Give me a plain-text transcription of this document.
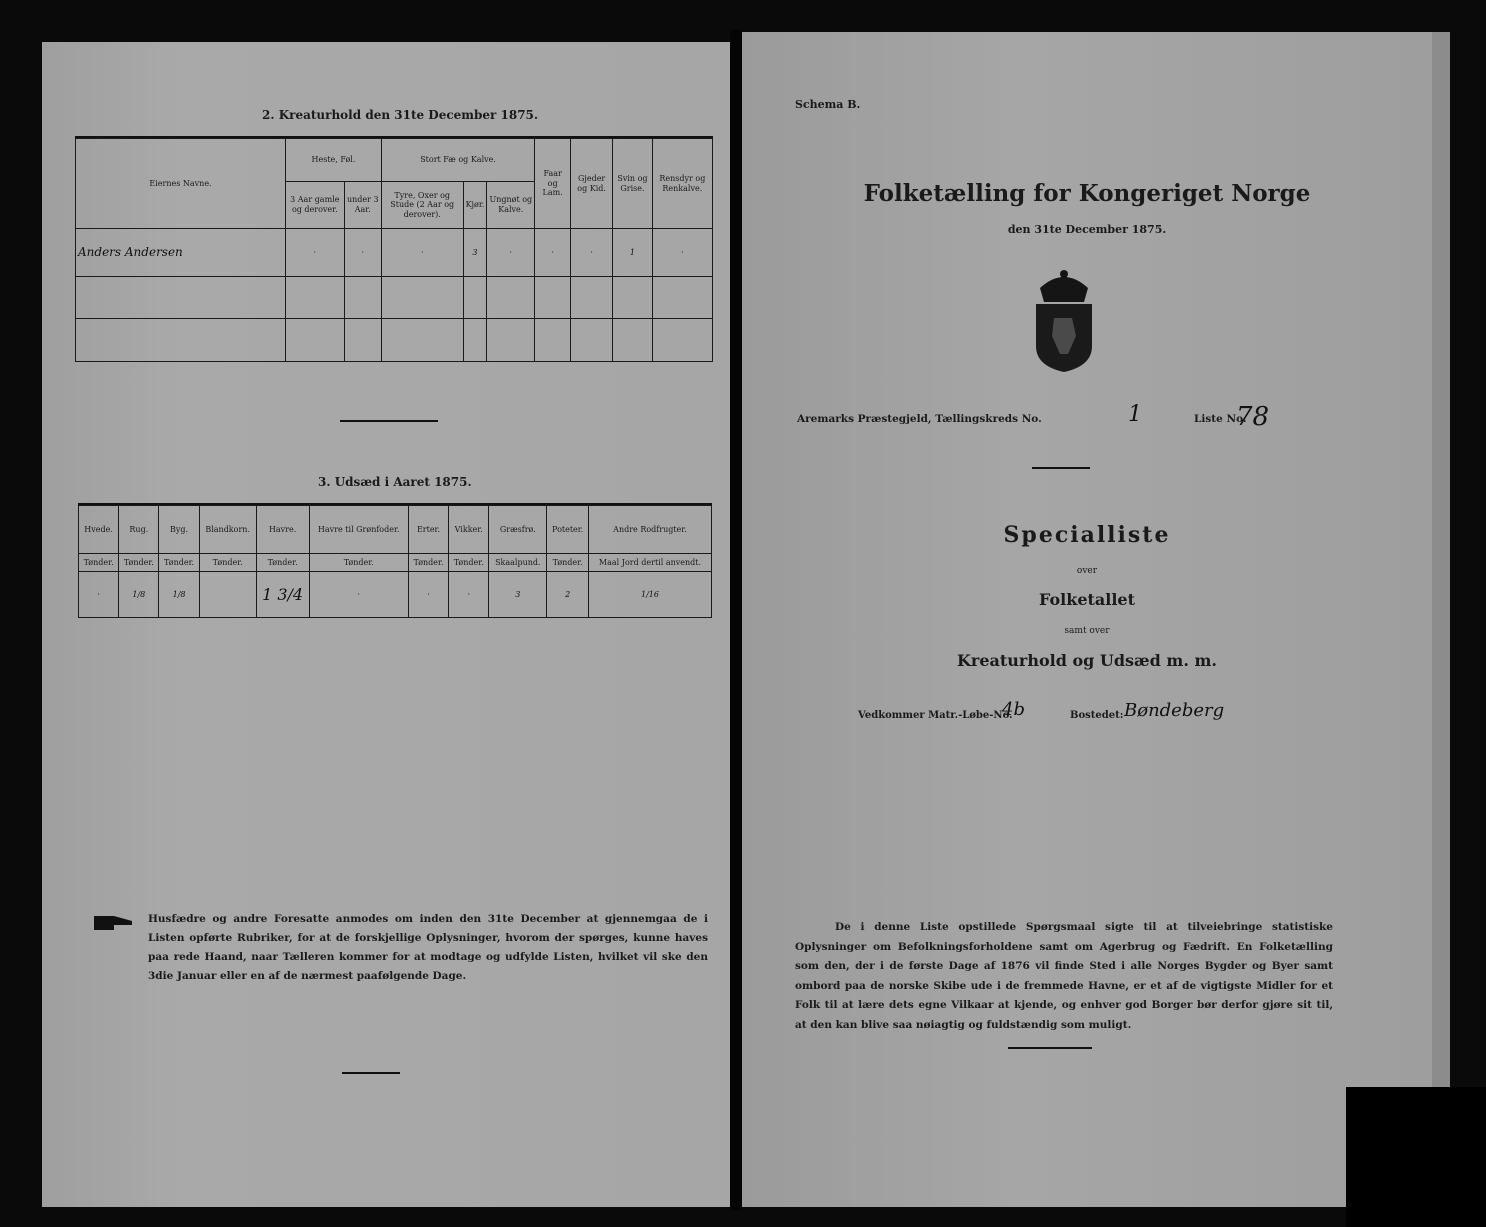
2. Kreaturhold den 31te December 1875.
Eiernes Navne.	Heste, Føl.		Stort Fæ og Kalve.			Faar og Lam.	Gjeder og Kid.	Svin og Grise.	Rensdyr og Renkalve.
	3 Aar gamle og derover.	under 3 Aar.	Tyre, Oxer og Stude (2 Aar og derover).	Kjør.	Ungnøt og Kalve.				
Anders Andersen	·	·	·	3	·	·	·	1	·

3. Udsæd i Aaret 1875.
Hvede.	Rug.	Byg.	Blandkorn.	Havre.	Havre til Grønfoder.	Erter.	Vikker.	Græsfrø.	Poteter.	Andre Rodfrugter.
Tønder.	Tønder.	Tønder.	Tønder.	Tønder.	Tønder.	Tønder.	Tønder.	Skaalpund.	Tønder.	Maal Jord dertil anvendt.
·	1/8	1/8		1 3/4	·	·	·	3	2	1/16
Husfædre og andre Foresatte anmodes om inden den 31te December at gjennemgaa de i Listen opførte Rubriker, for at de forskjellige Oplysninger, hvorom der spørges, kunne haves paa rede Haand, naar Tælleren kommer for at modtage og udfylde Listen, hvilket vil ske den 3die Januar eller en af de nærmest paafølgende Dage.
Schema B.
Folketælling for Kongeriget Norge
den 31te December 1875.
Aremarks Præstegjeld, Tællingskreds No.	1	Liste No.
78
Specialliste
over
Folketallet
samt over
Kreaturhold og Udsæd m. m.
Vedkommer Matr.-Løbe-No.
4b	Bostedet: Bøndeberg
De i denne Liste opstillede Spørgsmaal sigte til at tilveiebringe statistiske Oplysninger om Befolkningsforholdene samt om Agerbrug og Fædrift. En Folketælling som den, der i de første Dage af 1876 vil finde Sted i alle Norges Bygder og Byer samt ombord paa de norske Skibe ude i de fremmede Havne, er et af de vigtigste Midler for et Folk til at lære dets egne Vilkaar at kjende, og enhver god Borger bør derfor gjøre sit til, at den kan blive saa nøiagtig og fuldstændig som muligt.
